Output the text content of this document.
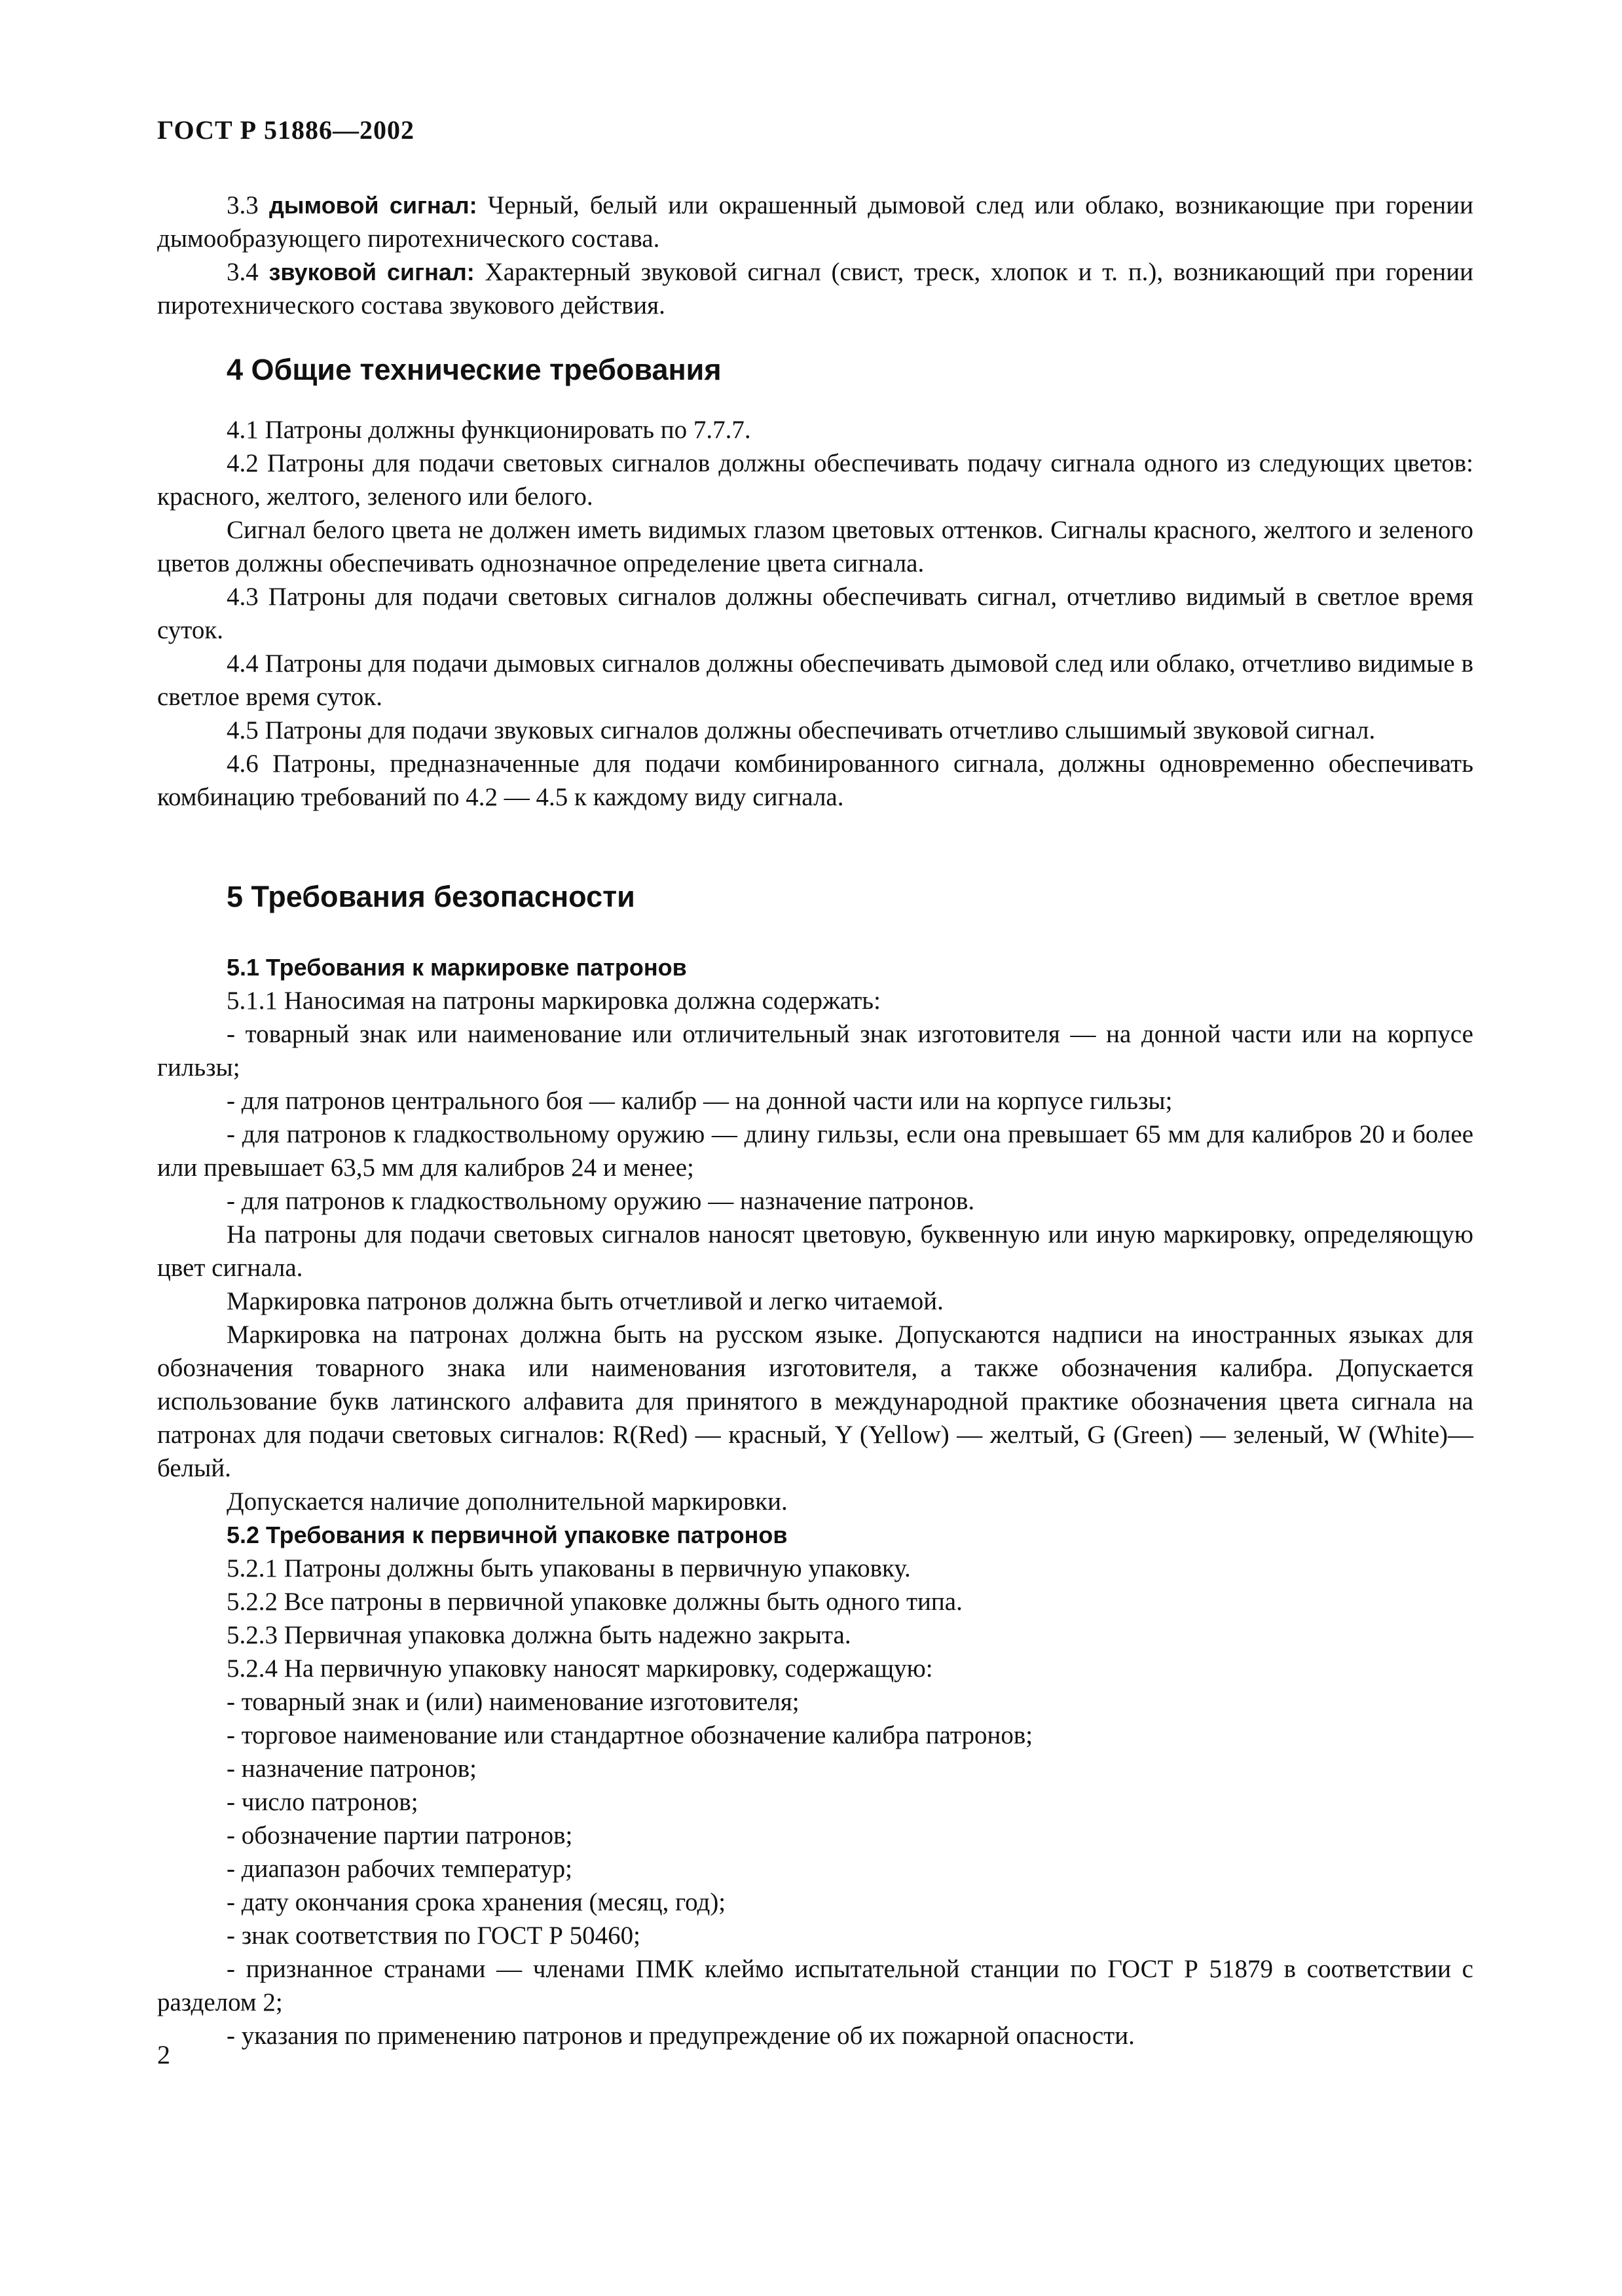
ГОСТ Р 51886—2002

3.3 дымовой сигнал: Черный, белый или окрашенный дымовой след или облако, возникающие при горении дымообразующего пиротехнического состава.

3.4 звуковой сигнал: Характерный звуковой сигнал (свист, треск, хлопок и т. п.), возникающий при горении пиротехнического состава звукового действия.

4 Общие технические требования

4.1 Патроны должны функционировать по 7.7.7.

4.2 Патроны для подачи световых сигналов должны обеспечивать подачу сигнала одного из следующих цветов: красного, желтого, зеленого или белого.

Сигнал белого цвета не должен иметь видимых глазом цветовых оттенков. Сигналы красного, желтого и зеленого цветов должны обеспечивать однозначное определение цвета сигнала.

4.3 Патроны для подачи световых сигналов должны обеспечивать сигнал, отчетливо видимый в светлое время суток.

4.4 Патроны для подачи дымовых сигналов должны обеспечивать дымовой след или облако, отчетливо видимые в светлое время суток.

4.5 Патроны для подачи звуковых сигналов должны обеспечивать отчетливо слышимый звуковой сигнал.

4.6 Патроны, предназначенные для подачи комбинированного сигнала, должны одновременно обеспечивать комбинацию требований по 4.2 — 4.5 к каждому виду сигнала.

5 Требования безопасности
5.1 Требования к маркировке патронов

5.1.1 Наносимая на патроны маркировка должна содержать:

- товарный знак или наименование или отличительный знак изготовителя — на донной части или на корпусе гильзы;

- для патронов центрального боя — калибр — на донной части или на корпусе гильзы;

- для патронов к гладкоствольному оружию — длину гильзы, если она превышает 65 мм для калибров 20 и более или превышает 63,5 мм для калибров 24 и менее;

- для патронов к гладкоствольному оружию — назначение патронов.

На патроны для подачи световых сигналов наносят цветовую, буквенную или иную маркировку, определяющую цвет сигнала.

Маркировка патронов должна быть отчетливой и легко читаемой.

Маркировка на патронах должна быть на русском языке. Допускаются надписи на иностранных языках для обозначения товарного знака или наименования изготовителя, а также обозначения калибра. Допускается использование букв латинского алфавита для принятого в международной практике обозначения цвета сигнала на патронах для подачи световых сигналов: R(Red) — красный, Y (Yellow) — желтый, G (Green) — зеленый, W (White)— белый.

Допускается наличие дополнительной маркировки.

5.2 Требования к первичной упаковке патронов

5.2.1 Патроны должны быть упакованы в первичную упаковку.

5.2.2 Все патроны в первичной упаковке должны быть одного типа.

5.2.3 Первичная упаковка должна быть надежно закрыта.

5.2.4 На первичную упаковку наносят маркировку, содержащую:

- товарный знак и (или) наименование изготовителя;

- торговое наименование или стандартное обозначение калибра патронов;

- назначение патронов;

- число патронов;

- обозначение партии патронов;

- диапазон рабочих температур;

- дату окончания срока хранения (месяц, год);

- знак соответствия по ГОСТ Р 50460;

- признанное странами — членами ПМК клеймо испытательной станции по ГОСТ Р 51879 в соответствии с разделом 2;

- указания по применению патронов и предупреждение об их пожарной опасности.

2
